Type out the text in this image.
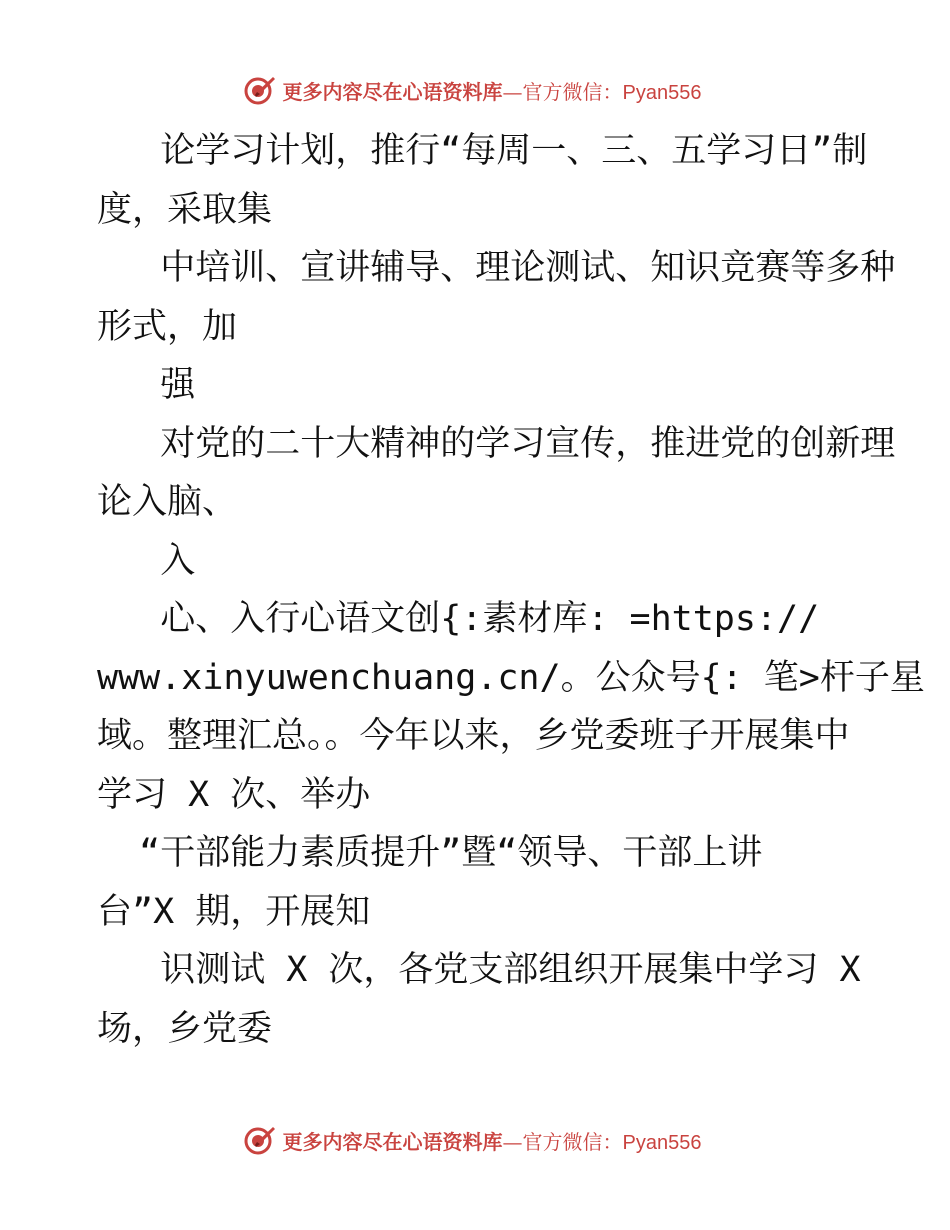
更多内容尽在心语资料库—官方微信：Pyan556
论学习计划，推行“每周一、三、五学习日”制
度，采取集
中培训、宣讲辅导、理论测试、知识竞赛等多种
形式，加
强
对党的二十大精神的学习宣传，推进党的创新理
论入脑、
入
心、入行心语文创{:素材库: =https://
www.xinyuwenchuang.cn/。公众号{: 笔>杆子星
域。整理汇总。。今年以来，乡党委班子开展集中
学习 X 次、举办
“干部能力素质提升”暨“领导、干部上讲
台”X 期，开展知
识测试 X 次，各党支部组织开展集中学习 X
场，乡党委
更多内容尽在心语资料库—官方微信：Pyan556
